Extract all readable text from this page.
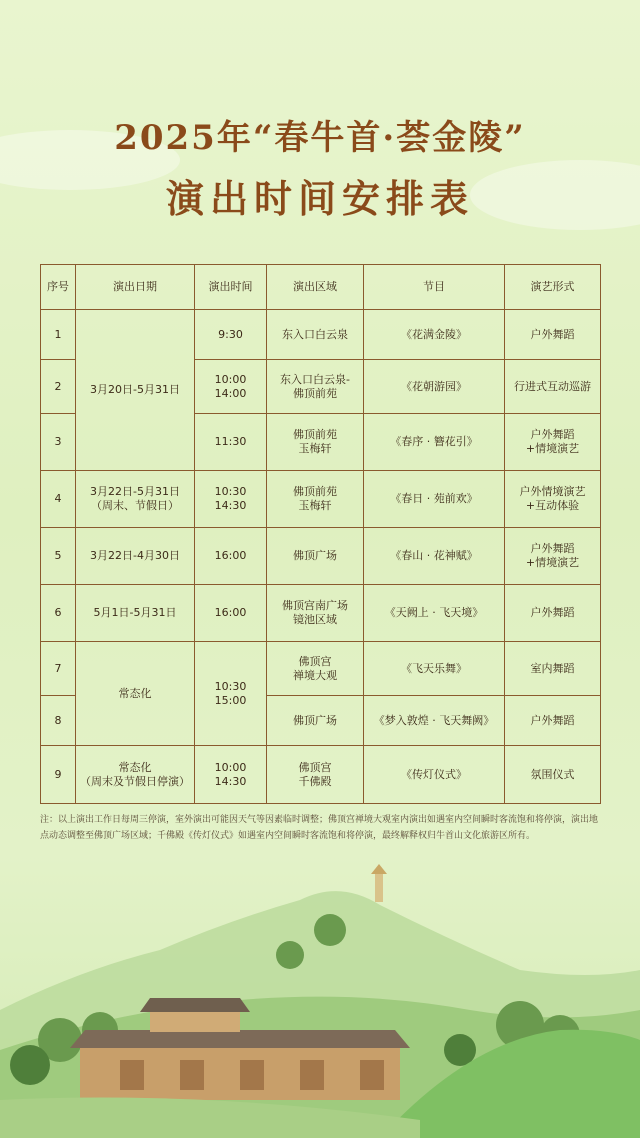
2025年“春牛首·荟金陵”
演出时间安排表
序号	演出日期	演出时间	演出区域	节目	演艺形式
1	3月20日-5月31日	9:30	东入口白云泉	《花满金陵》	户外舞蹈
2		10:00
14:00	东入口白云泉-
佛顶前苑	《花朝游园》	行进式互动巡游
3		11:30	佛顶前苑
玉梅轩	《春序 · 簪花引》	户外舞蹈
+情境演艺
4	3月22日-5月31日
（周末、节假日）	10:30
14:30	佛顶前苑
玉梅轩	《春日 · 苑前欢》	户外情境演艺
+互动体验
5	3月22日-4月30日	16:00	佛顶广场	《春山 · 花神赋》	户外舞蹈
+情境演艺
6	5月1日-5月31日	16:00	佛顶宫南广场
镜池区域	《天阙上 · 飞天境》	户外舞蹈
7	常态化	10:30
15:00	佛顶宫
禅境大观	《飞天乐舞》	室内舞蹈
8			佛顶广场	《梦入敦煌 · 飞天舞阙》	户外舞蹈
9	常态化
（周末及节假日停演）	10:00
14:30	佛顶宫
千佛殿	《传灯仪式》	氛围仪式
注：以上演出工作日每周三停演，室外演出可能因天气等因素临时调整；佛顶宫禅境大观室内演出如遇室内空间瞬时客流饱和将停演，演出地点动态调整至佛顶广场区域；千佛殿《传灯仪式》如遇室内空间瞬时客流饱和将停演，最终解释权归牛首山文化旅游区所有。
